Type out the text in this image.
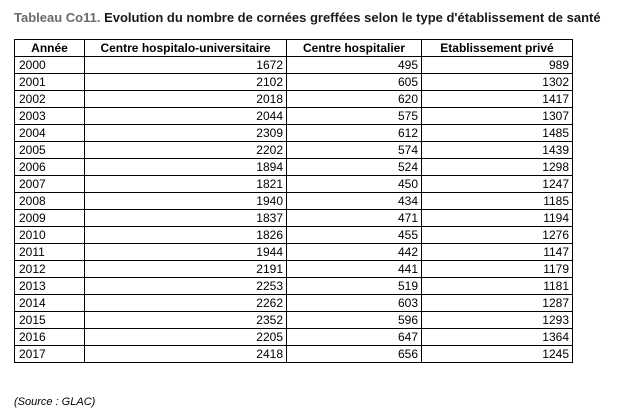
Tableau Co11. Evolution du nombre de cornées greffées selon le type d'établissement de santé
Année	Centre hospitalo-universitaire	Centre hospitalier	Etablissement privé
2000	1672	495	989
2001	2102	605	1302
2002	2018	620	1417
2003	2044	575	1307
2004	2309	612	1485
2005	2202	574	1439
2006	1894	524	1298
2007	1821	450	1247
2008	1940	434	1185
2009	1837	471	1194
2010	1826	455	1276
2011	1944	442	1147
2012	2191	441	1179
2013	2253	519	1181
2014	2262	603	1287
2015	2352	596	1293
2016	2205	647	1364
2017	2418	656	1245
(Source : GLAC)
